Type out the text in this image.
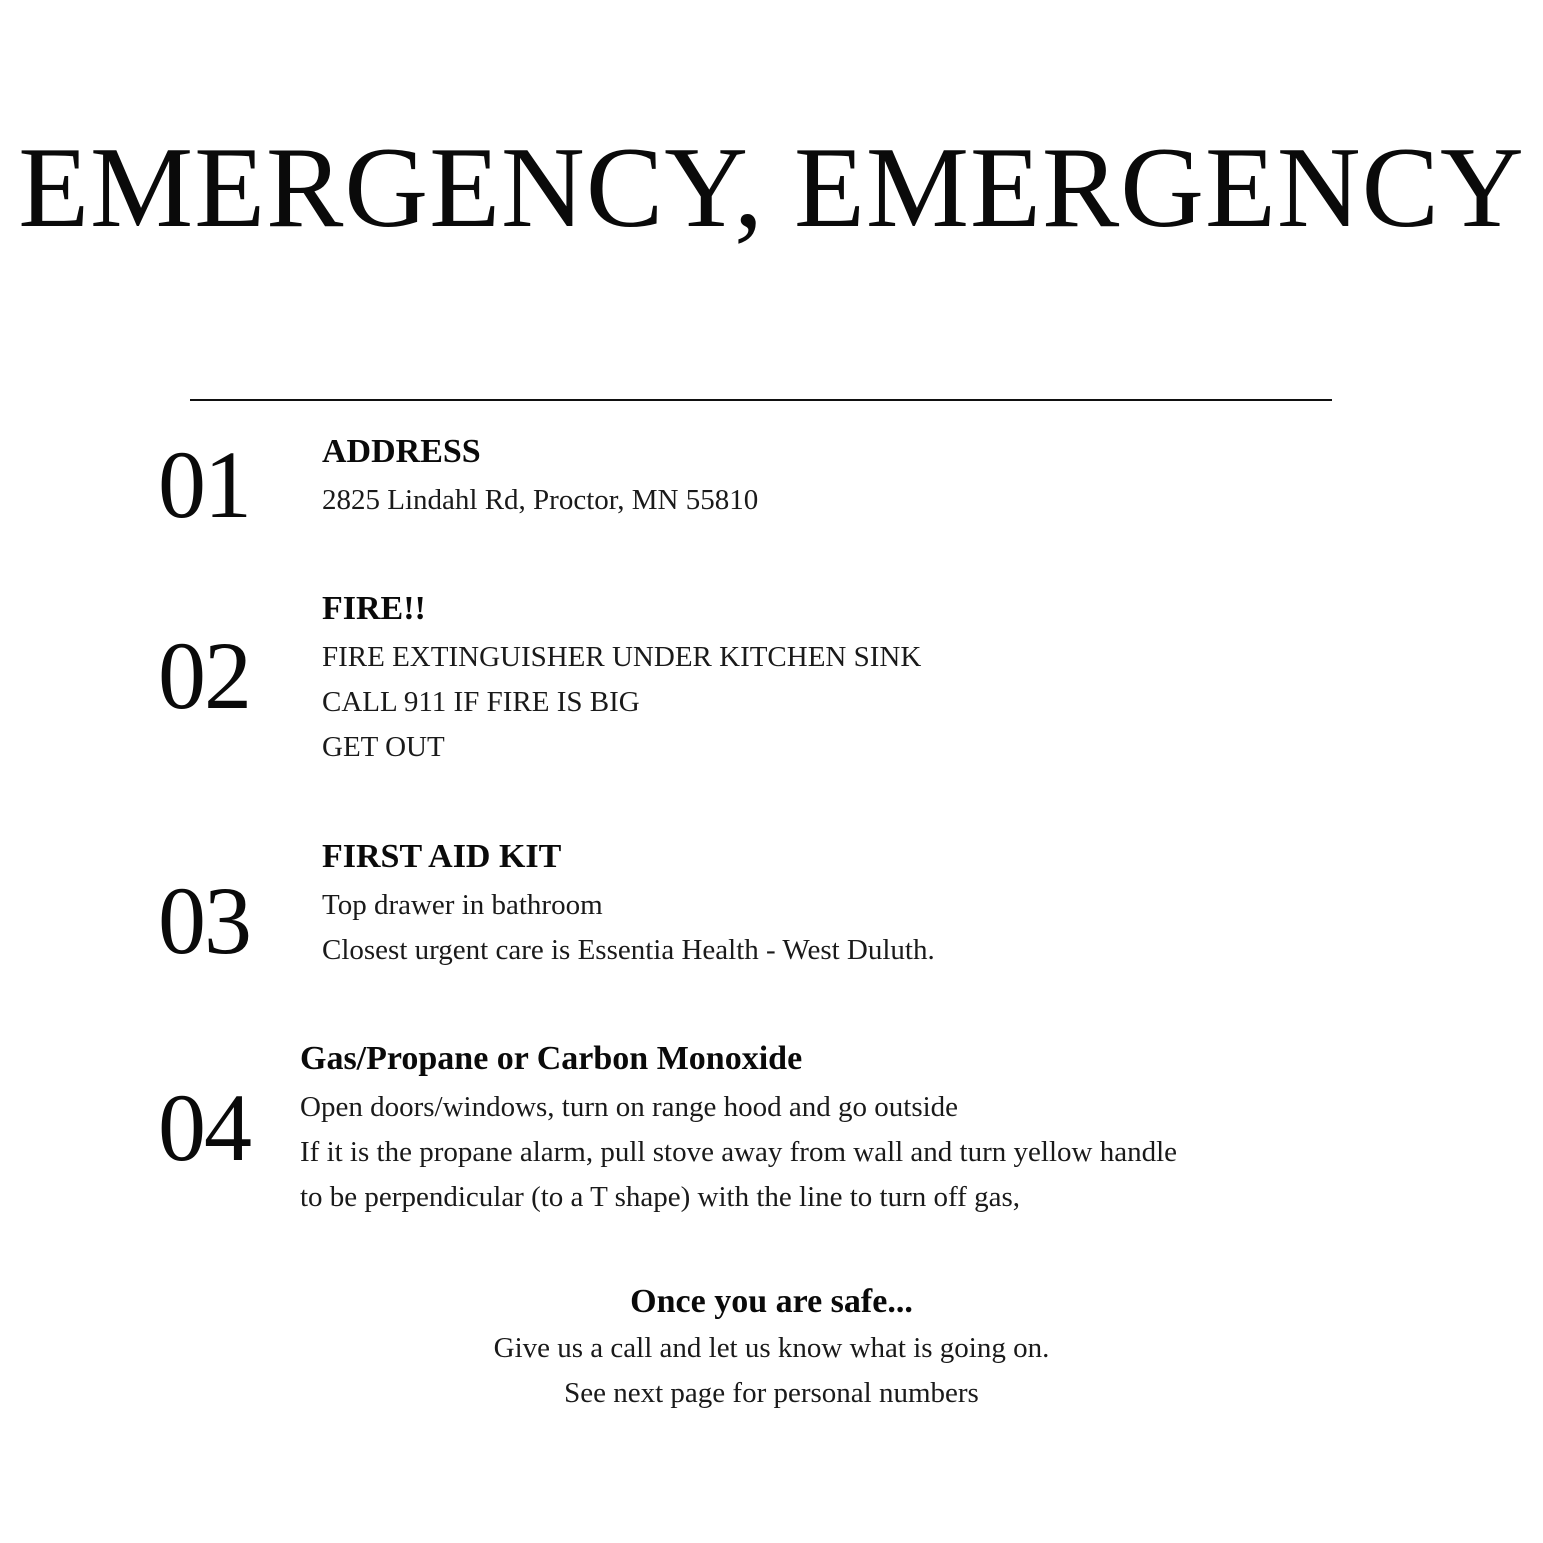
EMERGENCY, EMERGENCY
01 ADDRESS

2825 Lindahl Rd, Proctor, MN 55810

02

FIRE!!

FIRE EXTINGUISHER UNDER KITCHEN SINK

CALL 911 IF FIRE IS BIG

GET OUT

03

FIRST AID KIT

Top drawer in bathroom

Closest urgent care is Essentia Health - West Duluth.

04

Gas/Propane or Carbon Monoxide

Open doors/windows, turn on range hood and go outside

If it is the propane alarm, pull stove away from wall and turn yellow handle

to be perpendicular (to a T shape) with the line to turn off gas,

Once you are safe...

Give us a call and let us know what is going on.

See next page for personal numbers
